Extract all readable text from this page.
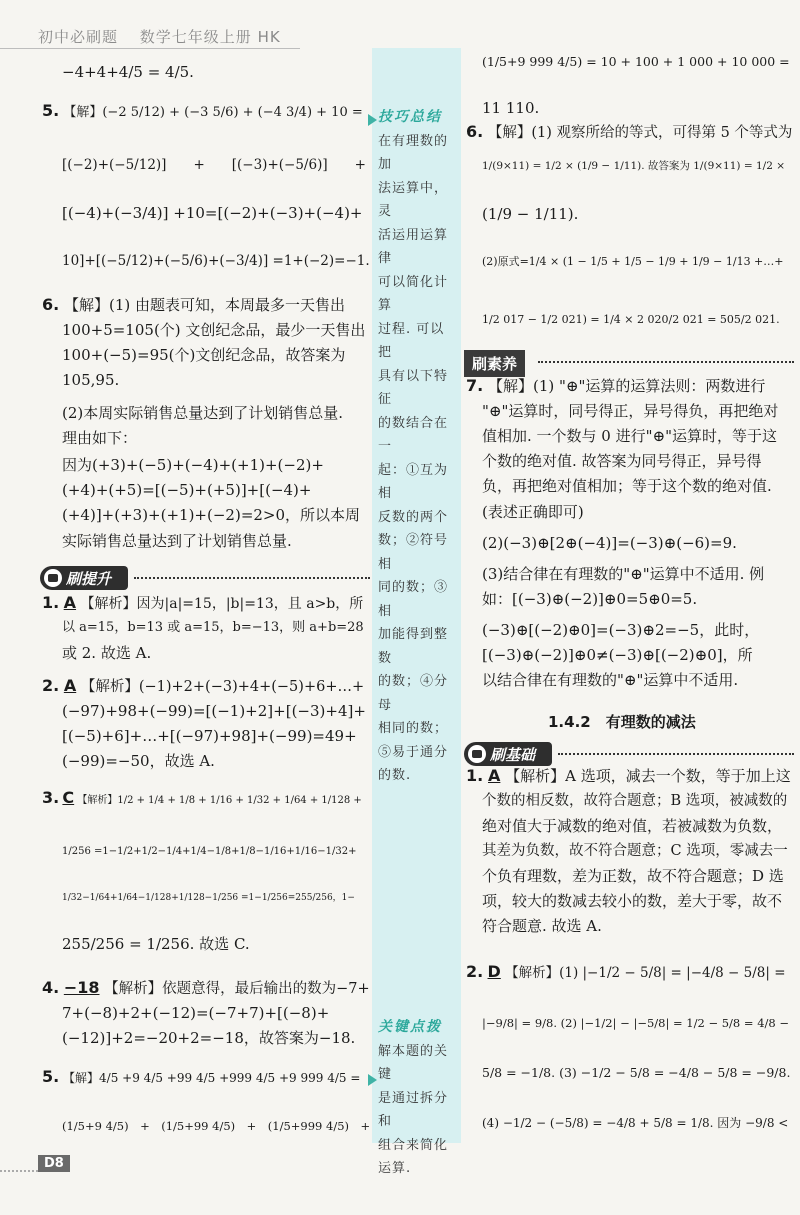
初中必刷题　 数学七年级上册 HK
技巧总结
在有理数的加
法运算中，灵
活运用运算律
可以简化计算
过程. 可以把
具有以下特征
的数结合在一
起：①互为相
反数的两个
数；②符号相
同的数；③相
加能得到整数
的数；④分母
相同的数；
⑤易于通分
的数.
关键点拨
解本题的关键
是通过拆分和
组合来简化
运算.
刷提升
刷素养
1.4.2　有理数的减法
刷基础
−4+4+4/5 = 4/5.
5. 【解】(−2 5/12) + (−3 5/6) + (−4 3/4) + 10 =
[(−2)+(−5/12)]　　+　　[(−3)+(−5/6)]　　+
[(−4)+(−3/4)] +10=[(−2)+(−3)+(−4)+
10]+[(−5/12)+(−5/6)+(−3/4)] =1+(−2)=−1.
6. 【解】(1) 由题表可知，本周最多一天售出
100+5=105(个) 文创纪念品，最少一天售出
100+(−5)=95(个)文创纪念品，故答案为
105,95.
(2)本周实际销售总量达到了计划销售总量.
理由如下：
因为(+3)+(−5)+(−4)+(+1)+(−2)+
(+4)+(+5)=[(−5)+(+5)]+[(−4)+
(+4)]+(+3)+(+1)+(−2)=2>0，所以本周
实际销售总量达到了计划销售总量.
1. A 【解析】因为|a|=15，|b|=13，且 a>b，所
以 a=15，b=13 或 a=15，b=−13，则 a+b=28
或 2. 故选 A.
2. A 【解析】(−1)+2+(−3)+4+(−5)+6+…+
(−97)+98+(−99)=[(−1)+2]+[(−3)+4]+
[(−5)+6]+…+[(−97)+98]+(−99)=49+
(−99)=−50，故选 A.
3. C 【解析】1/2 + 1/4 + 1/8 + 1/16 + 1/32 + 1/64 + 1/128 +
1/256 =1−1/2+1/2−1/4+1/4−1/8+1/8−1/16+1/16−1/32+
1/32−1/64+1/64−1/128+1/128−1/256 =1−1/256=255/256，1−
255/256 = 1/256. 故选 C.
4. −18 【解析】依题意得，最后输出的数为−7+
7+(−8)+2+(−12)=(−7+7)+[(−8)+
(−12)]+2=−20+2=−18，故答案为−18.
5. 【解】4/5 +9 4/5 +99 4/5 +999 4/5 +9 999 4/5 =
(1/5+9 4/5)　+　(1/5+99 4/5)　+　(1/5+999 4/5)　+
(1/5+9 999 4/5) = 10 + 100 + 1 000 + 10 000 =
11 110.
6. 【解】(1) 观察所给的等式，可得第 5 个等式为
1/(9×11) = 1/2 × (1/9 − 1/11). 故答案为 1/(9×11) = 1/2 ×
(1/9 − 1/11).
(2)原式=1/4 × (1 − 1/5 + 1/5 − 1/9 + 1/9 − 1/13 +…+
1/2 017 − 1/2 021) = 1/4 × 2 020/2 021 = 505/2 021.
7. 【解】(1) "⊕"运算的运算法则：两数进行
"⊕"运算时，同号得正，异号得负，再把绝对
值相加. 一个数与 0 进行"⊕"运算时，等于这
个数的绝对值. 故答案为同号得正，异号得
负，再把绝对值相加；等于这个数的绝对值.
(表述正确即可)
(2)(−3)⊕[2⊕(−4)]=(−3)⊕(−6)=9.
(3)结合律在有理数的"⊕"运算中不适用. 例
如：[(−3)⊕(−2)]⊕0=5⊕0=5.
(−3)⊕[(−2)⊕0]=(−3)⊕2=−5，此时，
[(−3)⊕(−2)]⊕0≠(−3)⊕[(−2)⊕0]，所
以结合律在有理数的"⊕"运算中不适用.
1. A 【解析】A 选项，减去一个数，等于加上这
个数的相反数，故符合题意；B 选项，被减数的
绝对值大于减数的绝对值，若被减数为负数，
其差为负数，故不符合题意；C 选项，零减去一
个负有理数，差为正数，故不符合题意；D 选
项，较大的数减去较小的数，差大于零，故不
符合题意. 故选 A.
2. D 【解析】(1) |−1/2 − 5/8| = |−4/8 − 5/8| =
|−9/8| = 9/8. (2) |−1/2| − |−5/8| = 1/2 − 5/8 = 4/8 −
5/8 = −1/8. (3) −1/2 − 5/8 = −4/8 − 5/8 = −9/8.
(4) −1/2 − (−5/8) = −4/8 + 5/8 = 1/8. 因为 −9/8 <
D8
